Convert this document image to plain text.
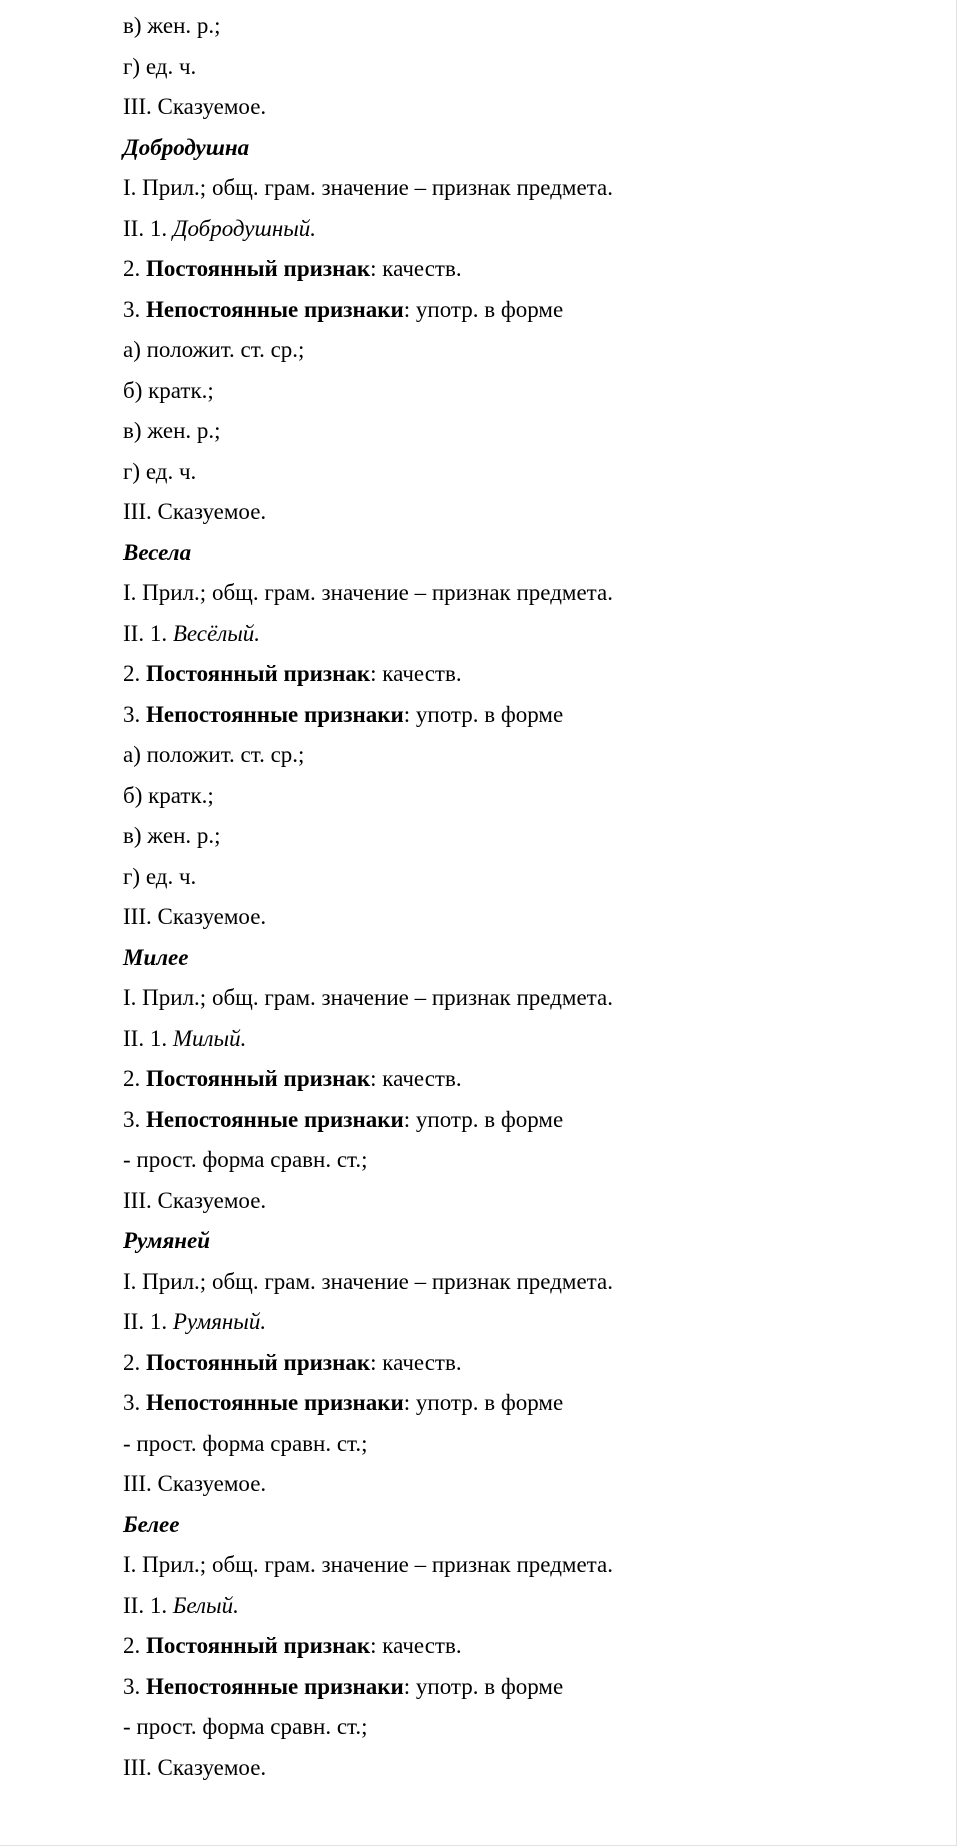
в) жен. р.;
г) ед. ч.
III. Сказуемое.
Добродушна
I. Прил.; общ. грам. значение – признак предмета.
II. 1. Добродушный.
2. Постоянный признак: качеств.
3. Непостоянные признаки: употр. в форме
а) положит. ст. ср.;
б) кратк.;
в) жен. р.;
г) ед. ч.
III. Сказуемое.
Весела
I. Прил.; общ. грам. значение – признак предмета.
II. 1. Весёлый.
2. Постоянный признак: качеств.
3. Непостоянные признаки: употр. в форме
а) положит. ст. ср.;
б) кратк.;
в) жен. р.;
г) ед. ч.
III. Сказуемое.
Милее
I. Прил.; общ. грам. значение – признак предмета.
II. 1. Милый.
2. Постоянный признак: качеств.
3. Непостоянные признаки: употр. в форме
- прост. форма сравн. ст.;
III. Сказуемое.
Румяней
I. Прил.; общ. грам. значение – признак предмета.
II. 1. Румяный.
2. Постоянный признак: качеств.
3. Непостоянные признаки: употр. в форме
- прост. форма сравн. ст.;
III. Сказуемое.
Белее
I. Прил.; общ. грам. значение – признак предмета.
II. 1. Белый.
2. Постоянный признак: качеств.
3. Непостоянные признаки: употр. в форме
- прост. форма сравн. ст.;
III. Сказуемое.
